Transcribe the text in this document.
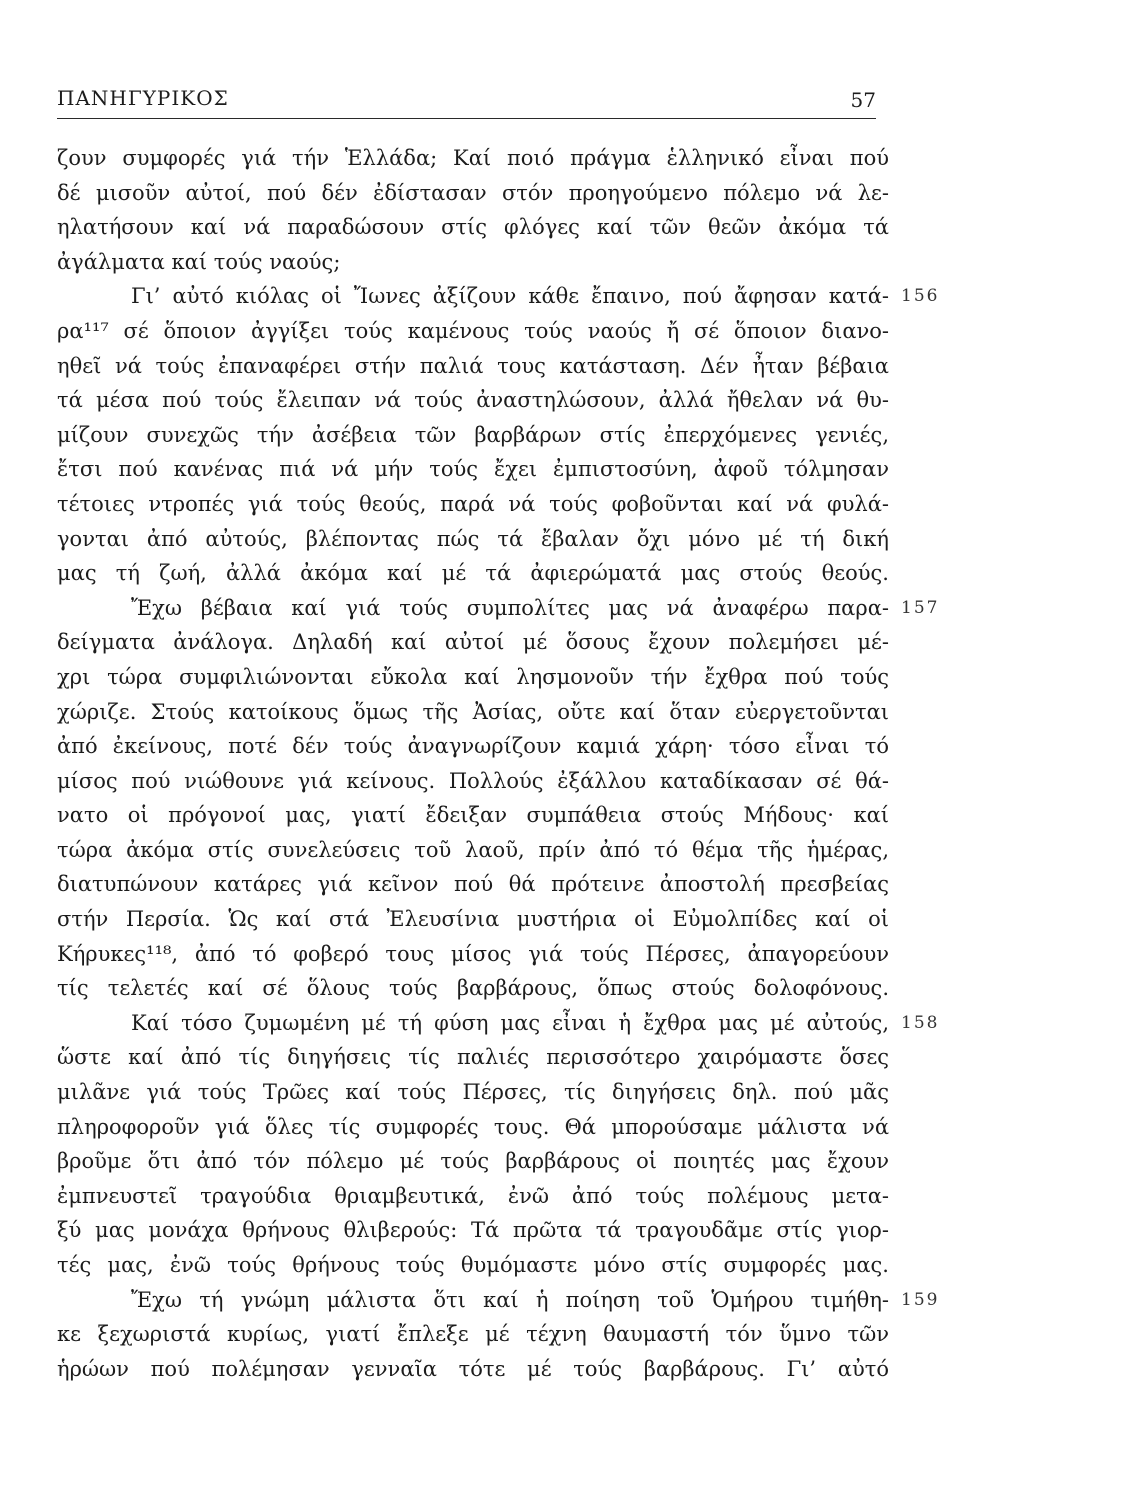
ΠΑΝΗΓΥΡΙΚΟΣ	57
ζουν συμφορές γιά τήν Ἑλλάδα; Καί ποιό πράγμα ἑλληνικό εἶναι πού
δέ μισοῦν αὐτοί, πού δέν ἐδίστασαν στόν προηγούμενο πόλεμο νά λε-
ηλατήσουν καί νά παραδώσουν στίς φλόγες καί τῶν θεῶν ἀκόμα τά
ἀγάλματα καί τούς ναούς;
Γι’ αὐτό κιόλας οἱ Ἴωνες ἀξίζουν κάθε ἔπαινο, πού ἄφησαν κατά- 156
ρα¹¹⁷ σέ ὅποιον ἀγγίξει τούς καμένους τούς ναούς ἤ σέ ὅποιον διανο-
ηθεῖ νά τούς ἐπαναφέρει στήν παλιά τους κατάσταση. Δέν ἦταν βέβαια
τά μέσα πού τούς ἔλειπαν νά τούς ἀναστηλώσουν, ἀλλά ἤθελαν νά θυ-
μίζουν συνεχῶς τήν ἀσέβεια τῶν βαρβάρων στίς ἐπερχόμενες γενιές,
ἔτσι πού κανένας πιά νά μήν τούς ἔχει ἐμπιστοσύνη, ἀφοῦ τόλμησαν
τέτοιες ντροπές γιά τούς θεούς, παρά νά τούς φοβοῦνται καί νά φυλά-
γονται ἀπό αὐτούς, βλέποντας πώς τά ἔβαλαν ὄχι μόνο μέ τή δική
μας τή ζωή, ἀλλά ἀκόμα καί μέ τά ἀφιερώματά μας στούς θεούς.
Ἔχω βέβαια καί γιά τούς συμπολίτες μας νά ἀναφέρω παρα- 157
δείγματα ἀνάλογα. Δηλαδή καί αὐτοί μέ ὅσους ἔχουν πολεμήσει μέ-
χρι τώρα συμφιλιώνονται εὔκολα καί λησμονοῦν τήν ἔχθρα πού τούς
χώριζε. Στούς κατοίκους ὅμως τῆς Ἀσίας, οὔτε καί ὅταν εὐεργετοῦνται
ἀπό ἐκείνους, ποτέ δέν τούς ἀναγνωρίζουν καμιά χάρη· τόσο εἶναι τό
μίσος πού νιώθουνε γιά κείνους. Πολλούς ἐξάλλου καταδίκασαν σέ θά-
νατο οἱ πρόγονοί μας, γιατί ἔδειξαν συμπάθεια στούς Μήδους· καί
τώρα ἀκόμα στίς συνελεύσεις τοῦ λαοῦ, πρίν ἀπό τό θέμα τῆς ἡμέρας,
διατυπώνουν κατάρες γιά κεῖνον πού θά πρότεινε ἀποστολή πρεσβείας
στήν Περσία. Ὡς καί στά Ἐλευσίνια μυστήρια οἱ Εὐμολπίδες καί οἱ
Κήρυκες¹¹⁸, ἀπό τό φοβερό τους μίσος γιά τούς Πέρσες, ἀπαγορεύουν
τίς τελετές καί σέ ὅλους τούς βαρβάρους, ὅπως στούς δολοφόνους.
Καί τόσο ζυμωμένη μέ τή φύση μας εἶναι ἡ ἔχθρα μας μέ αὐτούς, 158
ὥστε καί ἀπό τίς διηγήσεις τίς παλιές περισσότερο χαιρόμαστε ὅσες
μιλᾶνε γιά τούς Τρῶες καί τούς Πέρσες, τίς διηγήσεις δηλ. πού μᾶς
πληροφοροῦν γιά ὅλες τίς συμφορές τους. Θά μπορούσαμε μάλιστα νά
βροῦμε ὅτι ἀπό τόν πόλεμο μέ τούς βαρβάρους οἱ ποιητές μας ἔχουν
ἐμπνευστεῖ τραγούδια θριαμβευτικά, ἐνῶ ἀπό τούς πολέμους μετα-
ξύ μας μονάχα θρήνους θλιβερούς: Τά πρῶτα τά τραγουδᾶμε στίς γιορ-
τές μας, ἐνῶ τούς θρήνους τούς θυμόμαστε μόνο στίς συμφορές μας.
Ἔχω τή γνώμη μάλιστα ὅτι καί ἡ ποίηση τοῦ Ὁμήρου τιμήθη- 159
κε ξεχωριστά κυρίως, γιατί ἔπλεξε μέ τέχνη θαυμαστή τόν ὕμνο τῶν
ἡρώων πού πολέμησαν γενναῖα τότε μέ τούς βαρβάρους. Γι’ αὐτό
